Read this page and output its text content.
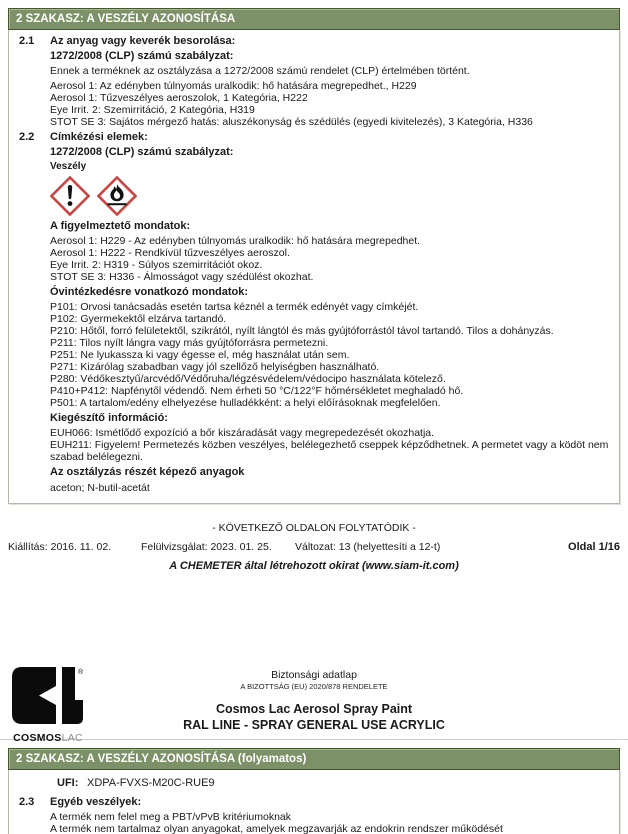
2 SZAKASZ: A VESZÉLY AZONOSÍTÁSA
2.1	Az anyag vagy keverék besorolása:

1272/2008 (CLP) számú szabályzat:

Ennek a terméknek az osztályzása a 1272/2008 számú rendelet (CLP) értelmében történt.

Aerosol 1: Az edényben túlnyomás uralkodik: hő hatására megrepedhet., H229

Aerosol 1: Tűzveszélyes aeroszolok, 1 Kategória, H222

Eye Irrit. 2: Szemirritáció, 2 Kategória, H319

STOT SE 3: Sajátos mérgező hatás: aluszékonyság és szédülés (egyedi kivitelezés), 3 Kategória, H336

2.2	Címkézési elemek:

1272/2008 (CLP) számú szabályzat:

Veszély

A figyelmeztető mondatok:

Aerosol 1: H229 - Az edényben túlnyomás uralkodik: hő hatására megrepedhet.

Aerosol 1: H222 - Rendkívül tűzveszélyes aeroszol.

Eye Irrit. 2: H319 - Súlyos szemirritációt okoz.

STOT SE 3: H336 - Álmosságot vagy szédülést okozhat.

Óvintézkedésre vonatkozó mondatok:

P101: Orvosi tanácsadás esetén tartsa kéznél a termék edényét vagy címkéjét.

P102: Gyermekektől elzárva tartandó.

P210: Hőtől, forró felületektől, szikrától, nyílt lángtól és más gyújtóforrástól távol tartandó. Tilos a dohányzás.

P211: Tilos nyílt lángra vagy más gyújtóforrásra permetezni.

P251: Ne lyukassza ki vagy égesse el, még használat után sem.

P271: Kizárólag szabadban vagy jól szellőző helyiségben használható.

P280: Védőkesztyű/arcvédő/Védőruha/légzésvédelem/védocipo használata kötelező.

P410+P412: Napfénytől védendő. Nem érheti 50 °C/122°F hőmérsékletet meghaladó hő.

P501: A tartalom/edény elhelyezése hulladékként: a helyi előírásoknak megfelelően.

Kiegészítő információ:

EUH066: Ismétlődő expozíció a bőr kiszáradását vagy megrepedezését okozhatja.

EUH211: Figyelem! Permetezés közben veszélyes, belélegezhető cseppek képződhetnek. A permetet vagy a ködöt nem szabad belélegezni.

Az osztályzás részét képező anyagok

aceton; N-butil-acetát

- KÖVETKEZŐ OLDALON FOLYTATÓDIK -

Kiállítás: 2016. 11. 02.	Felülvizsgálat: 2023. 01. 25. Változat: 13 (helyettesíti a 12-t)	Oldal 1/16

A CHEMETER által létrehozott okirat (www.siam-it.com)

®
COSMOSLAC

Biztonsági adatlap

A BIZOTTSÁG (EU) 2020/878 RENDELETE

Cosmos Lac Aerosol Spray Paint

RAL LINE - SPRAY GENERAL USE ACRYLIC

2 SZAKASZ: A VESZÉLY AZONOSÍTÁSA (folyamatos)
UFI: XDPA-FVXS-M20C-RUE9
2.3	Egyéb veszélyek:

A termék nem felel meg a PBT/vPvB kritériumoknak

A termék nem tartalmaz olyan anyagokat, amelyek megzavarják az endokrin rendszer működését
